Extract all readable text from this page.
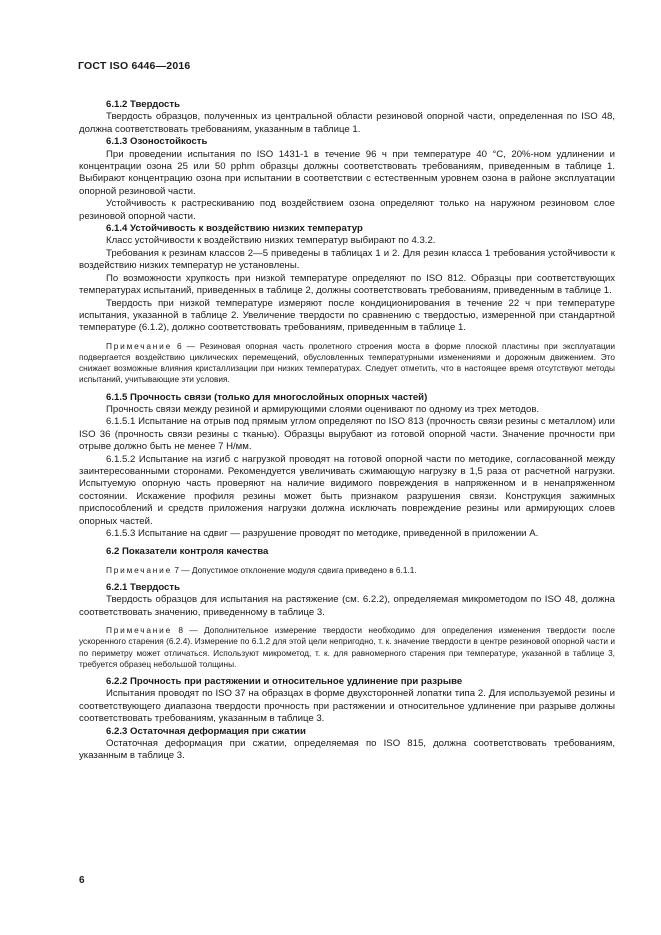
ГОСТ ISO 6446—2016
6.1.2 Твердость

Твердость образцов, полученных из центральной области резиновой опорной части, определенная по ISO 48, должна соответствовать требованиям, указанным в таблице 1.

6.1.3 Озоностойкость

При проведении испытания по ISO 1431-1 в течение 96 ч при температуре 40 °С, 20%-ном удлинении и концентрации озона 25 или 50 pphm образцы должны соответствовать требованиям, приведенным в таблице 1. Выбирают концентрацию озона при испытании в соответствии с естественным уровнем озона в районе эксплуатации опорной резиновой части.

Устойчивость к растрескиванию под воздействием озона определяют только на наружном резиновом слое резиновой опорной части.

6.1.4 Устойчивость к воздействию низких температур

Класс устойчивости к воздействию низких температур выбирают по 4.3.2.

Требования к резинам классов 2—5 приведены в таблицах 1 и 2. Для резин класса 1 требования устойчивости к воздействию низких температур не установлены.

По возможности хрупкость при низкой температуре определяют по ISO 812. Образцы при соответствующих температурах испытаний, приведенных в таблице 2, должны соответствовать требованиям, приведенным в таблице 1.

Твердость при низкой температуре измеряют после кондиционирования в течение 22 ч при температуре испытания, указанной в таблице 2. Увеличение твердости по сравнению с твердостью, измеренной при стандартной температуре (6.1.2), должно соответствовать требованиям, приведенным в таблице 1.

Примечание 6 — Резиновая опорная часть пролетного строения моста в форме плоской пластины при эксплуатации подвергается воздействию циклических перемещений, обусловленных температурными изменениями и дорожным движением. Это снижает возможные влияния кристаллизации при низких температурах. Следует отметить, что в настоящее время отсутствуют методы испытаний, учитывающие эти условия.

6.1.5 Прочность связи (только для многослойных опорных частей)

Прочность связи между резиной и армирующими слоями оценивают по одному из трех методов.

6.1.5.1 Испытание на отрыв под прямым углом определяют по ISO 813 (прочность связи резины с металлом) или ISO 36 (прочность связи резины с тканью). Образцы вырубают из готовой опорной части. Значение прочности при отрыве должно быть не менее 7 Н/мм.

6.1.5.2 Испытание на изгиб с нагрузкой проводят на готовой опорной части по методике, согласованной между заинтересованными сторонами. Рекомендуется увеличивать сжимающую нагрузку в 1,5 раза от расчетной нагрузки. Испытуемую опорную часть проверяют на наличие видимого повреждения в напряженном и в ненапряженном состоянии. Искажение профиля резины может быть признаком разрушения связи. Конструкция зажимных приспособлений и средств приложения нагрузки должна исключать повреждение резины или армирующих слоев опорных частей.

6.1.5.3 Испытание на сдвиг — разрушение проводят по методике, приведенной в приложении А.

6.2 Показатели контроля качества

Примечание 7 — Допустимое отклонение модуля сдвига приведено в 6.1.1.

6.2.1 Твердость

Твердость образцов для испытания на растяжение (см. 6.2.2), определяемая микрометодом по ISO 48, должна соответствовать значению, приведенному в таблице 3.

Примечание 8 — Дополнительное измерение твердости необходимо для определения изменения твердости после ускоренного старения (6.2.4). Измерение по 6.1.2 для этой цели непригодно, т. к. значение твердости в центре резиновой опорной части и по периметру может отличаться. Используют микрометод, т. к. для равномерного старения при температуре, указанной в таблице 3, требуется образец небольшой толщины.

6.2.2 Прочность при растяжении и относительное удлинение при разрыве

Испытания проводят по ISO 37 на образцах в форме двухсторонней лопатки типа 2. Для используемой резины и соответствующего диапазона твердости прочность при растяжении и относительное удлинение при разрыве должны соответствовать требованиям, указанным в таблице 3.

6.2.3 Остаточная деформация при сжатии

Остаточная деформация при сжатии, определяемая по ISO 815, должна соответствовать требованиям, указанным в таблице 3.

6
